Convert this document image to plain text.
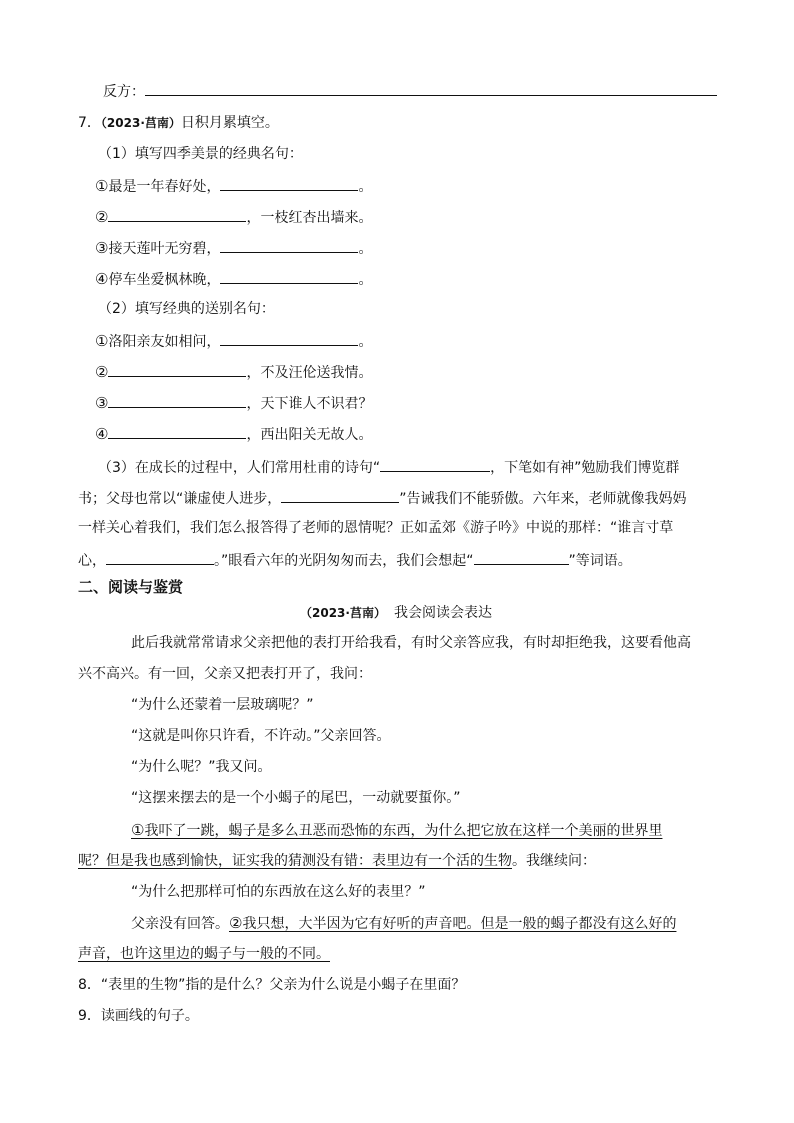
反方：
7．（2023·莒南）日积月累填空。
（1）填写四季美景的经典名句：
①最是一年春好处，	。
②	，一枝红杏出墙来。
③接天莲叶无穷碧，	。
④停车坐爱枫林晚，	。
（2）填写经典的送别名句：
①洛阳亲友如相问，	。
②	，不及汪伦送我情。
③	，天下谁人不识君？
④	，西出阳关无故人。
（3）在成长的过程中，人们常用杜甫的诗句“	，下笔如有神”勉励我们博览群
书；父母也常以“谦虚使人进步，	”告诫我们不能骄傲。六年来，老师就像我妈妈
一样关心着我们，我们怎么报答得了老师的恩情呢？正如孟郊《游子吟》中说的那样：“谁言寸草
心，	。”眼看六年的光阴匆匆而去，我们会想起“	”等词语。
二、阅读与鉴赏
（2023·莒南） 我会阅读会表达
此后我就常常请求父亲把他的表打开给我看，有时父亲答应我，有时却拒绝我，这要看他高
兴不高兴。有一回，父亲又把表打开了，我问：
“为什么还蒙着一层玻璃呢？”
“这就是叫你只许看，不许动。”父亲回答。
“为什么呢？”我又问。
“这摆来摆去的是一个小蝎子的尾巴，一动就要蜇你。”
①我吓了一跳，蝎子是多么丑恶而恐怖的东西，为什么把它放在这样一个美丽的世界里
呢？但是我也感到愉快，证实我的猜测没有错：表里边有一个活的生物。我继续问：
“为什么把那样可怕的东西放在这么好的表里？”
父亲没有回答。②我只想，大半因为它有好听的声音吧。但是一般的蝎子都没有这么好的
声音，也许这里边的蝎子与一般的不同。
8．“表里的生物”指的是什么？父亲为什么说是小蝎子在里面？
9．读画线的句子。
